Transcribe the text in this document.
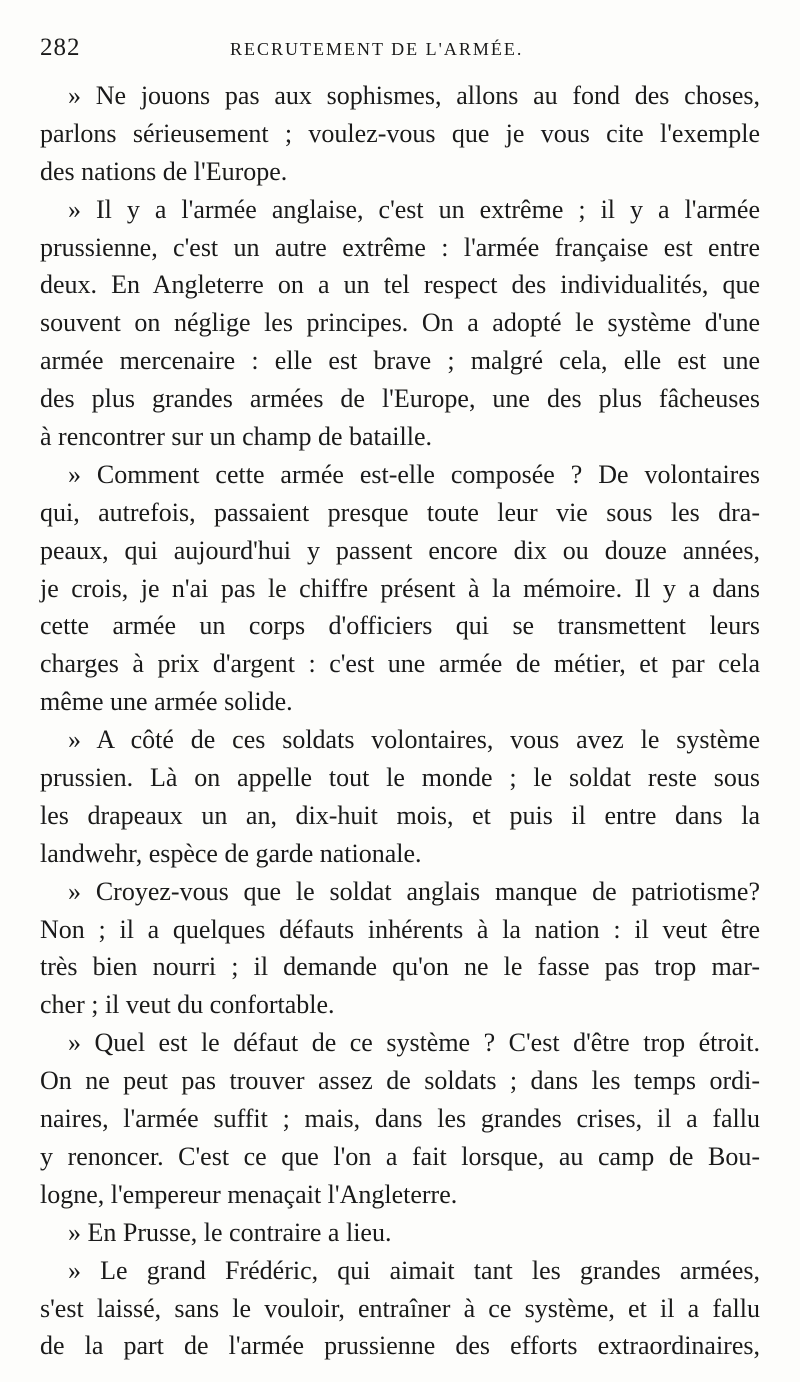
282	RECRUTEMENT DE L'ARMÉE.
» Ne jouons pas aux sophismes, allons au fond des choses,
parlons sérieusement ; voulez-vous que je vous cite l'exemple
des nations de l'Europe.
» Il y a l'armée anglaise, c'est un extrême ; il y a l'armée
prussienne, c'est un autre extrême : l'armée française est entre
deux. En Angleterre on a un tel respect des individualités, que
souvent on néglige les principes. On a adopté le système d'une
armée mercenaire : elle est brave ; malgré cela, elle est une
des plus grandes armées de l'Europe, une des plus fâcheuses
à rencontrer sur un champ de bataille.
» Comment cette armée est-elle composée ? De volontaires
qui, autrefois, passaient presque toute leur vie sous les dra-
peaux, qui aujourd'hui y passent encore dix ou douze années,
je crois, je n'ai pas le chiffre présent à la mémoire. Il y a dans
cette armée un corps d'officiers qui se transmettent leurs
charges à prix d'argent : c'est une armée de métier, et par cela
même une armée solide.
» A côté de ces soldats volontaires, vous avez le système
prussien. Là on appelle tout le monde ; le soldat reste sous
les drapeaux un an, dix-huit mois, et puis il entre dans la
landwehr, espèce de garde nationale.
» Croyez-vous que le soldat anglais manque de patriotisme?
Non ; il a quelques défauts inhérents à la nation : il veut être
très bien nourri ; il demande qu'on ne le fasse pas trop mar-
cher ; il veut du confortable.
» Quel est le défaut de ce système ? C'est d'être trop étroit.
On ne peut pas trouver assez de soldats ; dans les temps ordi-
naires, l'armée suffit ; mais, dans les grandes crises, il a fallu
y renoncer. C'est ce que l'on a fait lorsque, au camp de Bou-
logne, l'empereur menaçait l'Angleterre.
» En Prusse, le contraire a lieu.
» Le grand Frédéric, qui aimait tant les grandes armées,
s'est laissé, sans le vouloir, entraîner à ce système, et il a fallu
de la part de l'armée prussienne des efforts extraordinaires,
